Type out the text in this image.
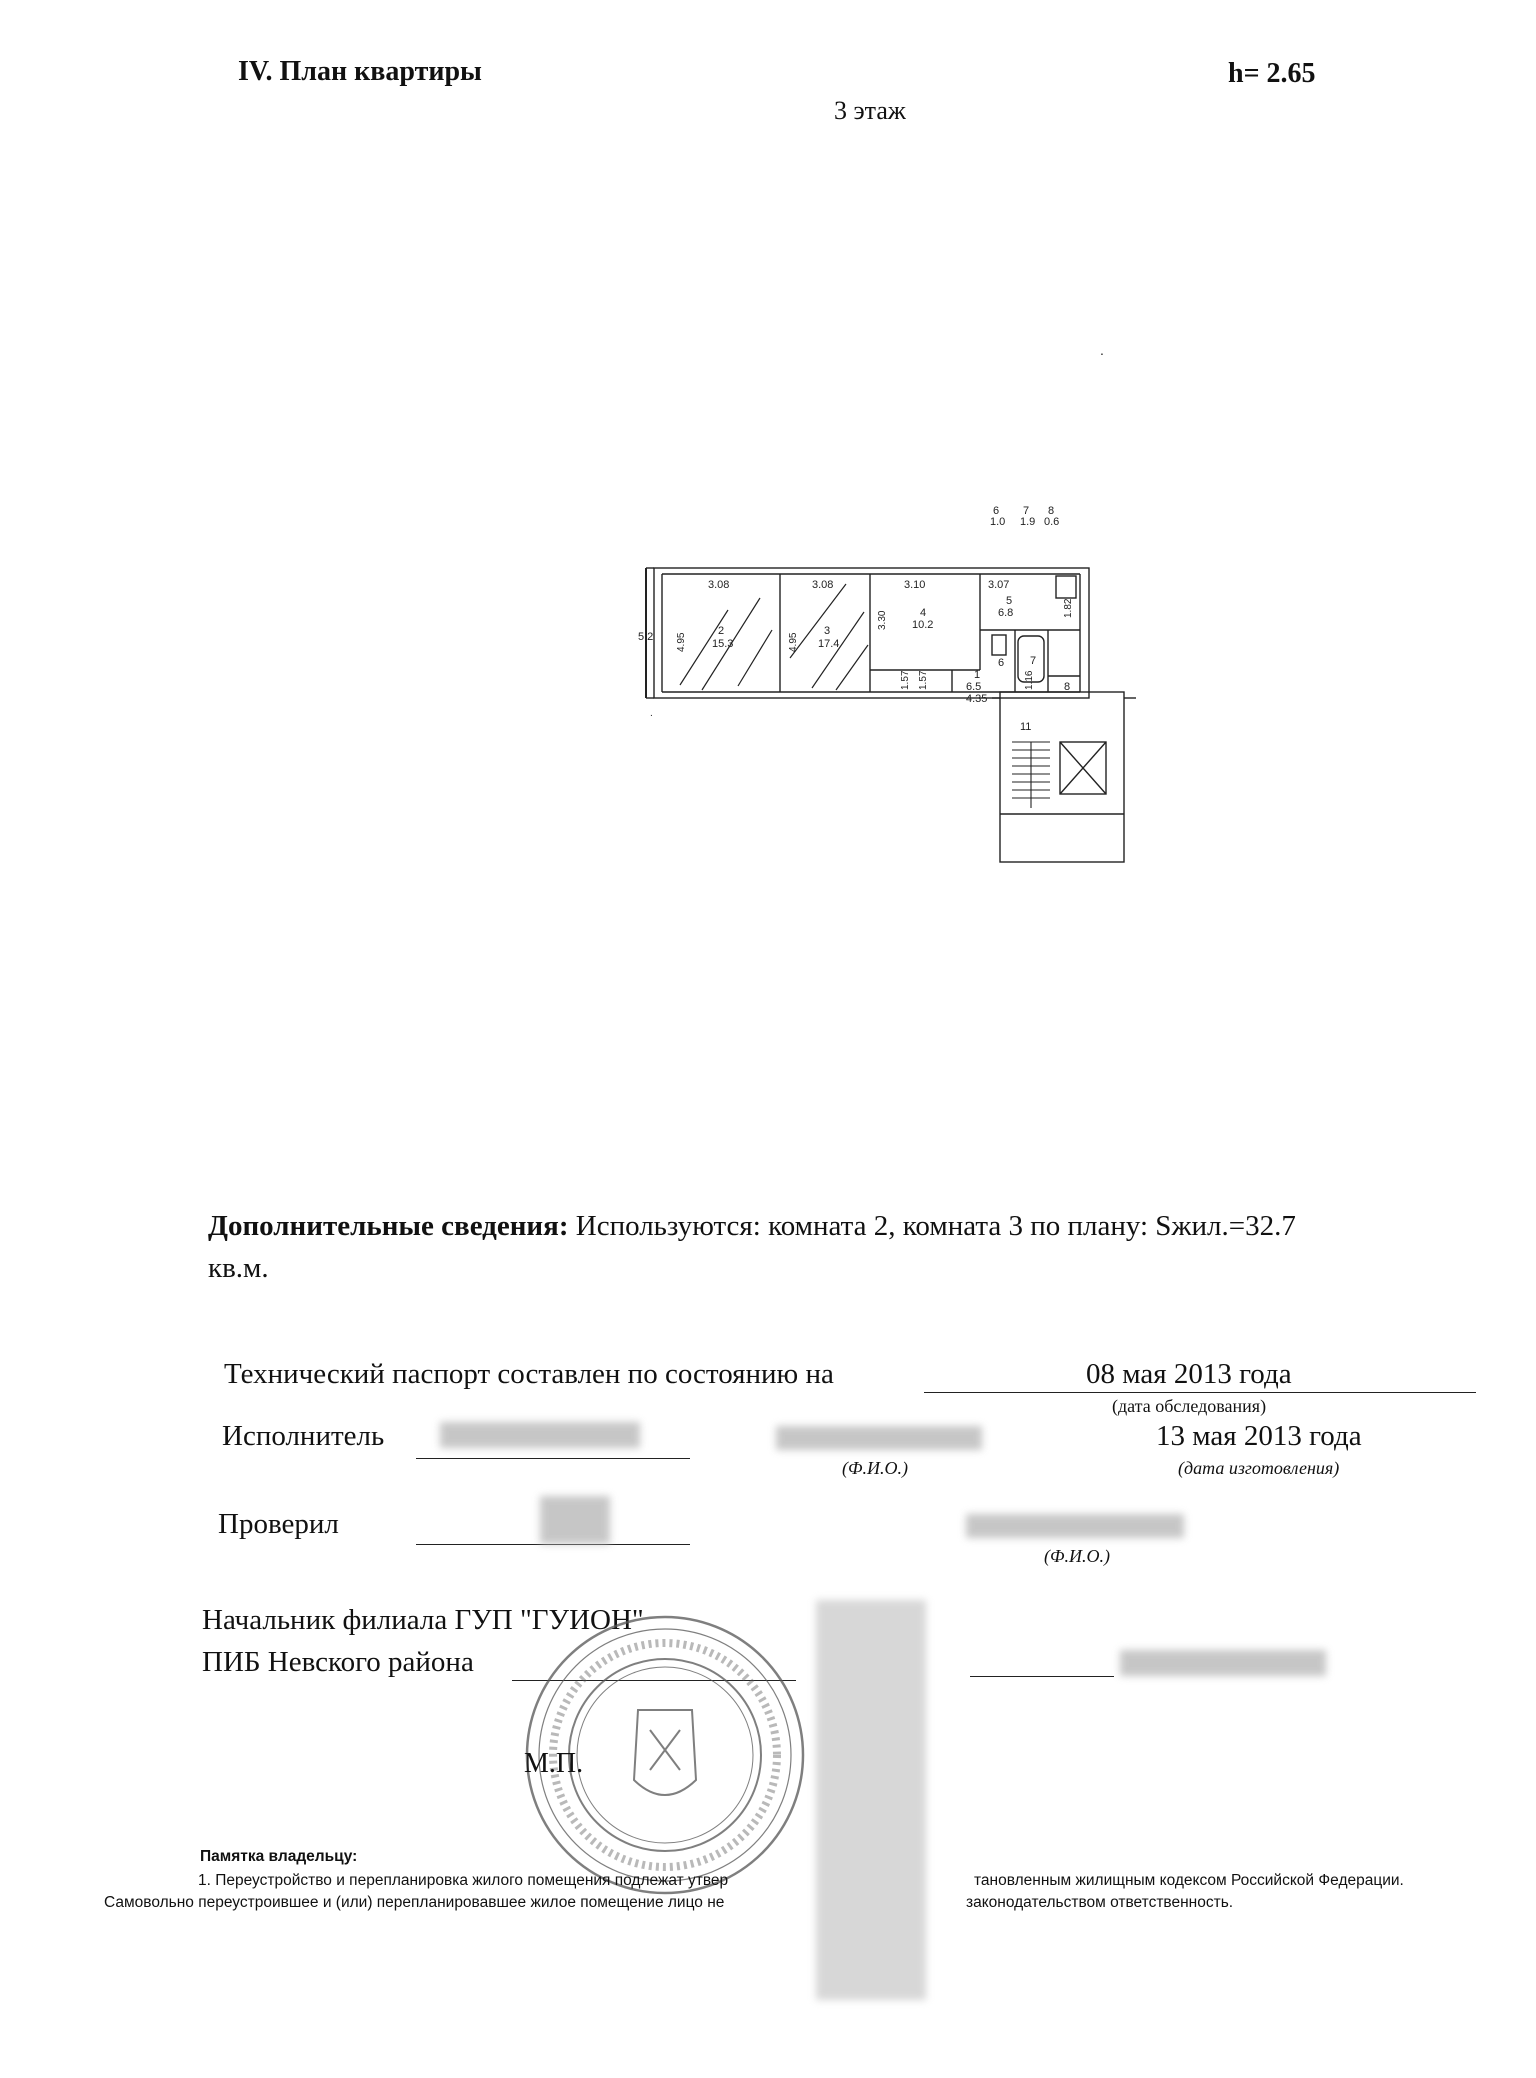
IV. План квартиры	h= 2.65
3 этаж
.
.
6
1.0
7
1.9
8
0.6
3.08	3.08	3.10	3.07
2
15.3
3
17.4
4
10.2
5
6.8
1
6.5
5.2
4.35
6 7
8
11
4.95	4.95
3.30
1.82
1.57 1.57	1.16
Дополнительные сведения: Используются: комната 2, комната 3 по плану: Sжил.=32.7
кв.м.
Технический паспорт составлен по состоянию на	08 мая 2013 года
(дата обследования)
Исполнитель
(Ф.И.О.)
13 мая 2013 года
(дата изготовления)
Проверил
(Ф.И.О.)
Начальник филиала ГУП "ГУИОН"
ПИБ Невского района
М.П.
Памятка владельцу:
1. Переустройство и перепланировка жилого помещения подлежат утвер	тановленным жилищным кодексом Российской Федерации.
Самовольно переустроившее и (или) перепланировавшее жилое помещение лицо не	законодательством ответственность.
